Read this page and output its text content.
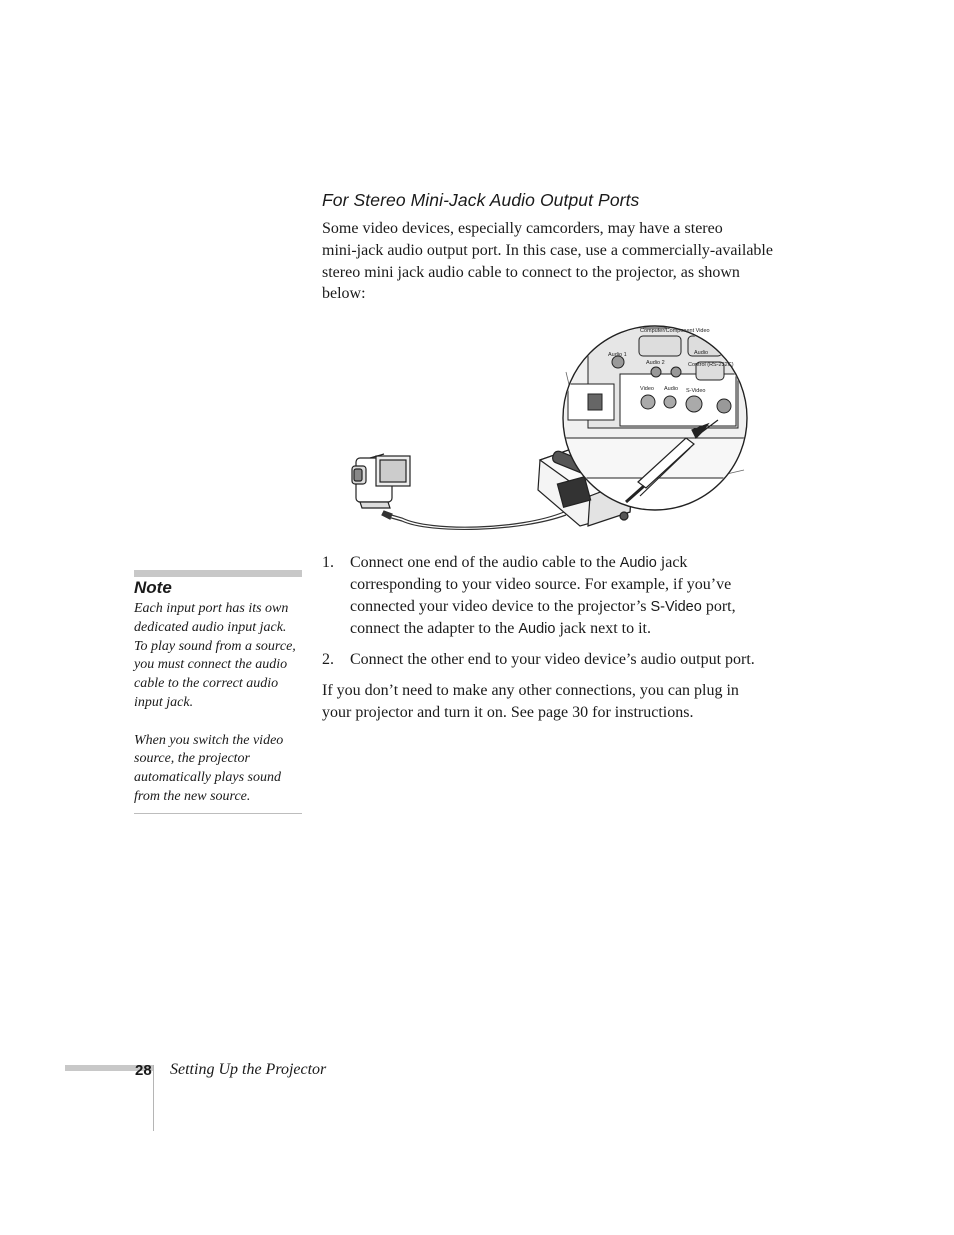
For Stereo Mini-Jack Audio Output Ports
Some video devices, especially camcorders, may have a stereo
mini-jack audio output port. In this case, use a commercially-available
stereo mini jack audio cable to connect to the projector, as shown
below:
Audio 1
Audio 2
Audio
Video Audio S-Video
Control (RS-232C)
Computer/Component Video
1. Connect one end of the audio cable to the Audio jack
corresponding to your video source. For example, if you’ve
connected your video device to the projector’s S-Video port,
connect the adapter to the Audio jack next to it.
2. Connect the other end to your video device’s audio output port.
If you don’t need to make any other connections, you can plug in
your projector and turn it on. See page 30 for instructions.
Note
Each input port has its own
dedicated audio input jack.
To play sound from a source,
you must connect the audio
cable to the correct audio
input jack.
When you switch the video
source, the projector
automatically plays sound
from the new source.
28 Setting Up the Projector
